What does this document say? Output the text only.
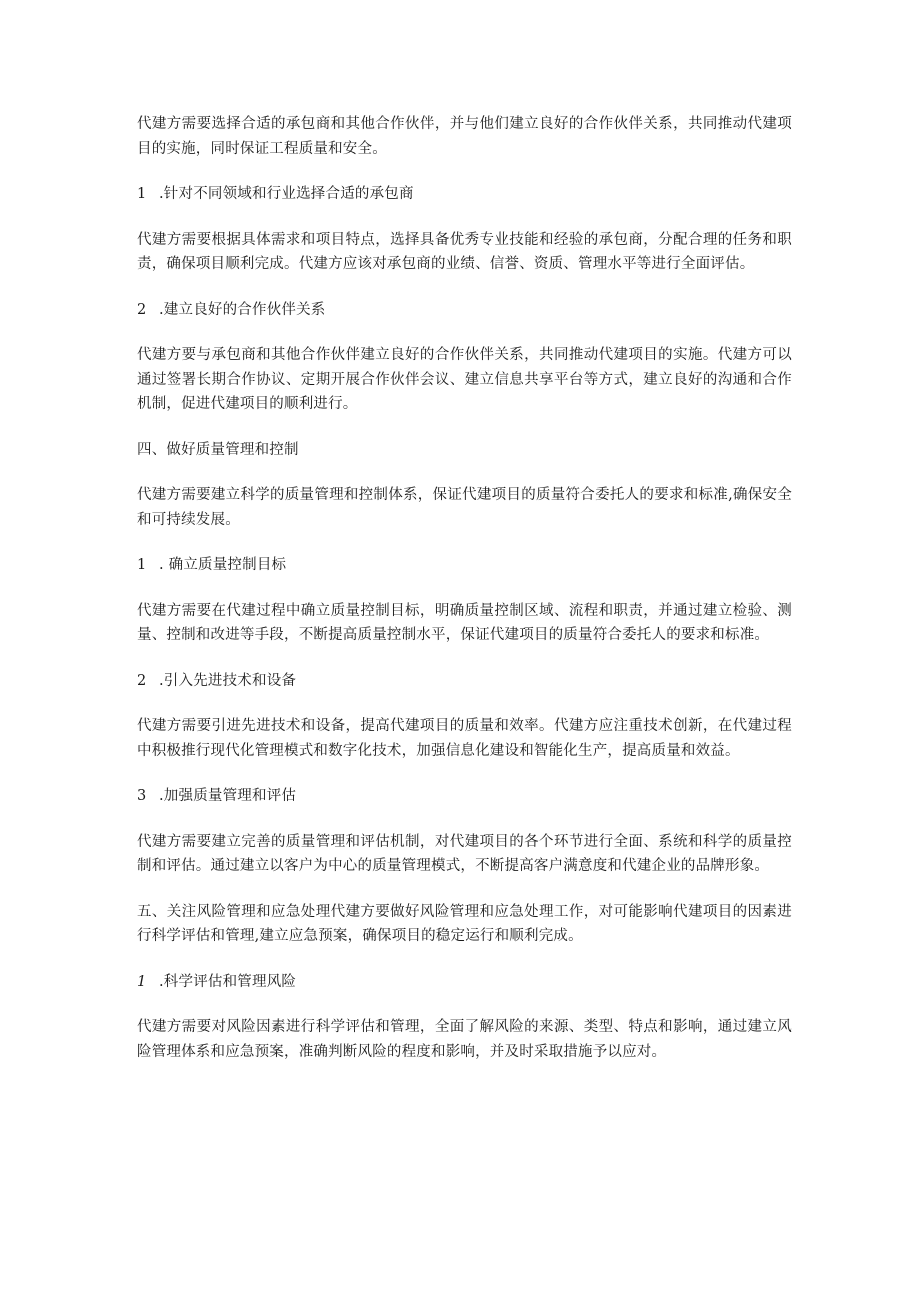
代建方需要选择合适的承包商和其他合作伙伴，并与他们建立良好的合作伙伴关系，共同推动代建项目的实施，同时保证工程质量和安全。

1 .针对不同领域和行业选择合适的承包商

代建方需要根据具体需求和项目特点，选择具备优秀专业技能和经验的承包商，分配合理的任务和职责，确保项目顺利完成。代建方应该对承包商的业绩、信誉、资质、管理水平等进行全面评估。

2 .建立良好的合作伙伴关系

代建方要与承包商和其他合作伙伴建立良好的合作伙伴关系，共同推动代建项目的实施。代建方可以通过签署长期合作协议、定期开展合作伙伴会议、建立信息共享平台等方式，建立良好的沟通和合作机制，促进代建项目的顺利进行。

四、做好质量管理和控制

代建方需要建立科学的质量管理和控制体系，保证代建项目的质量符合委托人的要求和标准,确保安全和可持续发展。

1 . 确立质量控制目标

代建方需要在代建过程中确立质量控制目标，明确质量控制区域、流程和职责，并通过建立检验、测量、控制和改进等手段，不断提高质量控制水平，保证代建项目的质量符合委托人的要求和标准。

2 .引入先进技术和设备

代建方需要引进先进技术和设备，提高代建项目的质量和效率。代建方应注重技术创新，在代建过程中积极推行现代化管理模式和数字化技术，加强信息化建设和智能化生产，提高质量和效益。

3 .加强质量管理和评估

代建方需要建立完善的质量管理和评估机制，对代建项目的各个环节进行全面、系统和科学的质量控制和评估。通过建立以客户为中心的质量管理模式，不断提高客户满意度和代建企业的品牌形象。

五、关注风险管理和应急处理代建方要做好风险管理和应急处理工作，对可能影响代建项目的因素进行科学评估和管理,建立应急预案，确保项目的稳定运行和顺利完成。

1 .科学评估和管理风险

代建方需要对风险因素进行科学评估和管理，全面了解风险的来源、类型、特点和影响，通过建立风险管理体系和应急预案，准确判断风险的程度和影响，并及时采取措施予以应对。
